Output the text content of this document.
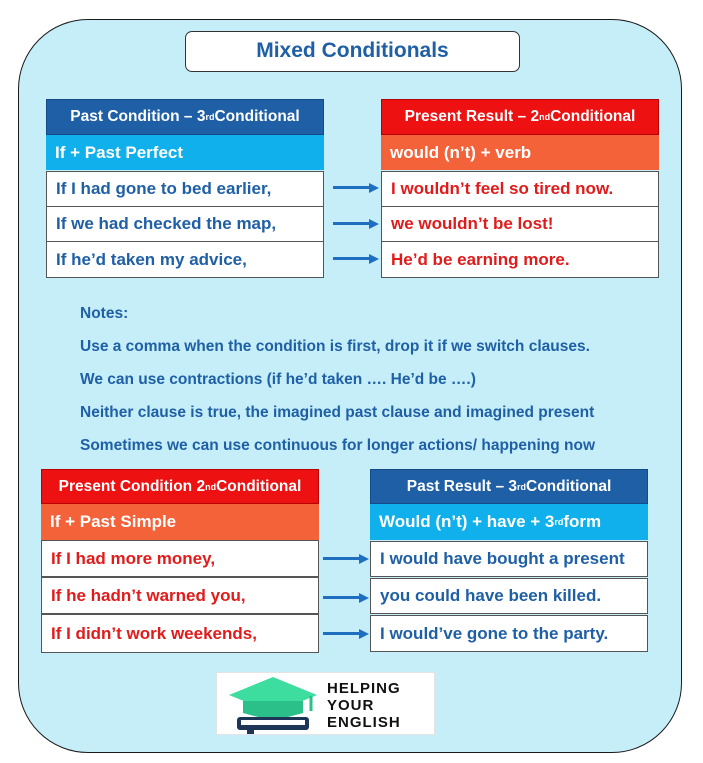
Mixed Conditionals
Past Condition – 3 rd Conditional
If + Past Perfect
Present Result – 2 nd Conditional
would (n’t) + verb
If I had gone to bed earlier,
If we had checked the map,
If he’d taken my advice,
I wouldn’t feel so tired now.
we wouldn’t be lost!
He’d be earning more.
Notes:
Use a comma when the condition is first, drop it if we switch clauses.
We can use contractions (if he’d taken …. He’d be ….)
Neither clause is true, the imagined past clause and imagined present
Sometimes we can use continuous for longer actions/ happening now
Present Condition 2 nd Conditional
If + Past Simple
Past Result – 3 rd Conditional
Would (n’t) + have + 3 rd form
If I had more money,
If he hadn’t warned you,
If I didn’t work weekends,
I would have bought a present
you could have been killed.
I would’ve gone to the party.
HELPING
YOUR
ENGLISH
